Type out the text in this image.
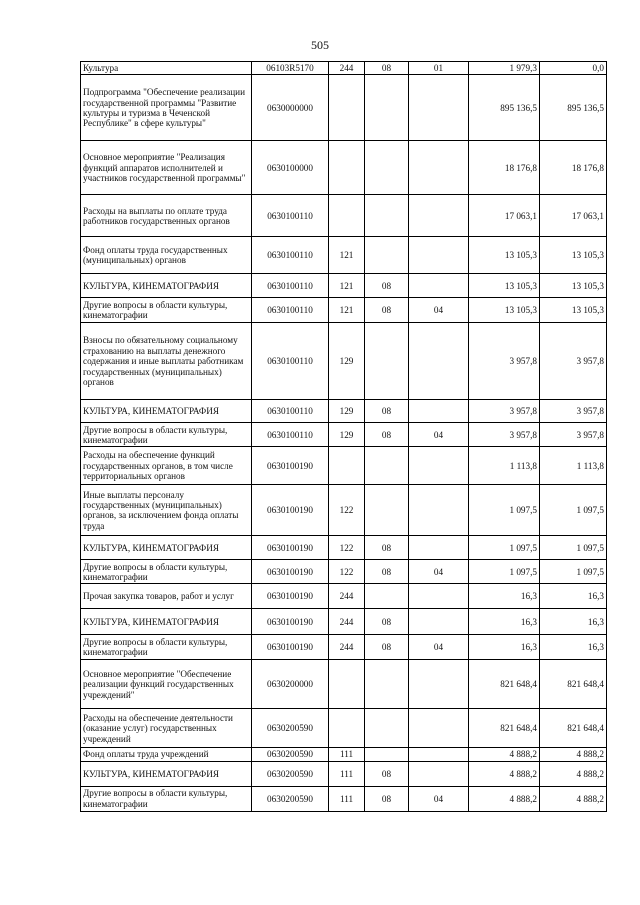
505
Культура	06103R5170	244	08	01	1 979,3	0,0
Подпрограмма "Обеспечение реализации государственной программы "Развитие культуры и туризма в Чеченской Республике" в сфере культуры"	0630000000				895 136,5	895 136,5
Основное мероприятие "Реализация функций аппаратов исполнителей и участников государственной программы"	0630100000				18 176,8	18 176,8
Расходы на выплаты по оплате труда работников государственных органов	0630100110				17 063,1	17 063,1
Фонд оплаты труда государственных (муниципальных) органов	0630100110	121			13 105,3	13 105,3
КУЛЬТУРА, КИНЕМАТОГРАФИЯ	0630100110	121	08		13 105,3	13 105,3
Другие вопросы в области культуры, кинематографии	0630100110	121	08	04	13 105,3	13 105,3
Взносы по обязательному социальному страхованию на выплаты денежного содержания и иные выплаты работникам государственных (муниципальных) органов	0630100110	129			3 957,8	3 957,8
КУЛЬТУРА, КИНЕМАТОГРАФИЯ	0630100110	129	08		3 957,8	3 957,8
Другие вопросы в области культуры, кинематографии	0630100110	129	08	04	3 957,8	3 957,8
Расходы на обеспечение функций государственных органов, в том числе территориальных органов	0630100190				1 113,8	1 113,8
Иные выплаты персоналу государственных (муниципальных) органов, за исключением фонда оплаты труда	0630100190	122			1 097,5	1 097,5
КУЛЬТУРА, КИНЕМАТОГРАФИЯ	0630100190	122	08		1 097,5	1 097,5
Другие вопросы в области культуры, кинематографии	0630100190	122	08	04	1 097,5	1 097,5
Прочая закупка товаров, работ и услуг	0630100190	244			16,3	16,3
КУЛЬТУРА, КИНЕМАТОГРАФИЯ	0630100190	244	08		16,3	16,3
Другие вопросы в области культуры, кинематографии	0630100190	244	08	04	16,3	16,3
Основное мероприятие "Обеспечение реализации функций государственных учреждений"	0630200000				821 648,4	821 648,4
Расходы на обеспечение деятельности (оказание услуг) государственных учреждений	0630200590				821 648,4	821 648,4
Фонд оплаты труда учреждений	0630200590	111			4 888,2	4 888,2
КУЛЬТУРА, КИНЕМАТОГРАФИЯ	0630200590	111	08		4 888,2	4 888,2
Другие вопросы в области культуры, кинематографии	0630200590	111	08	04	4 888,2	4 888,2
